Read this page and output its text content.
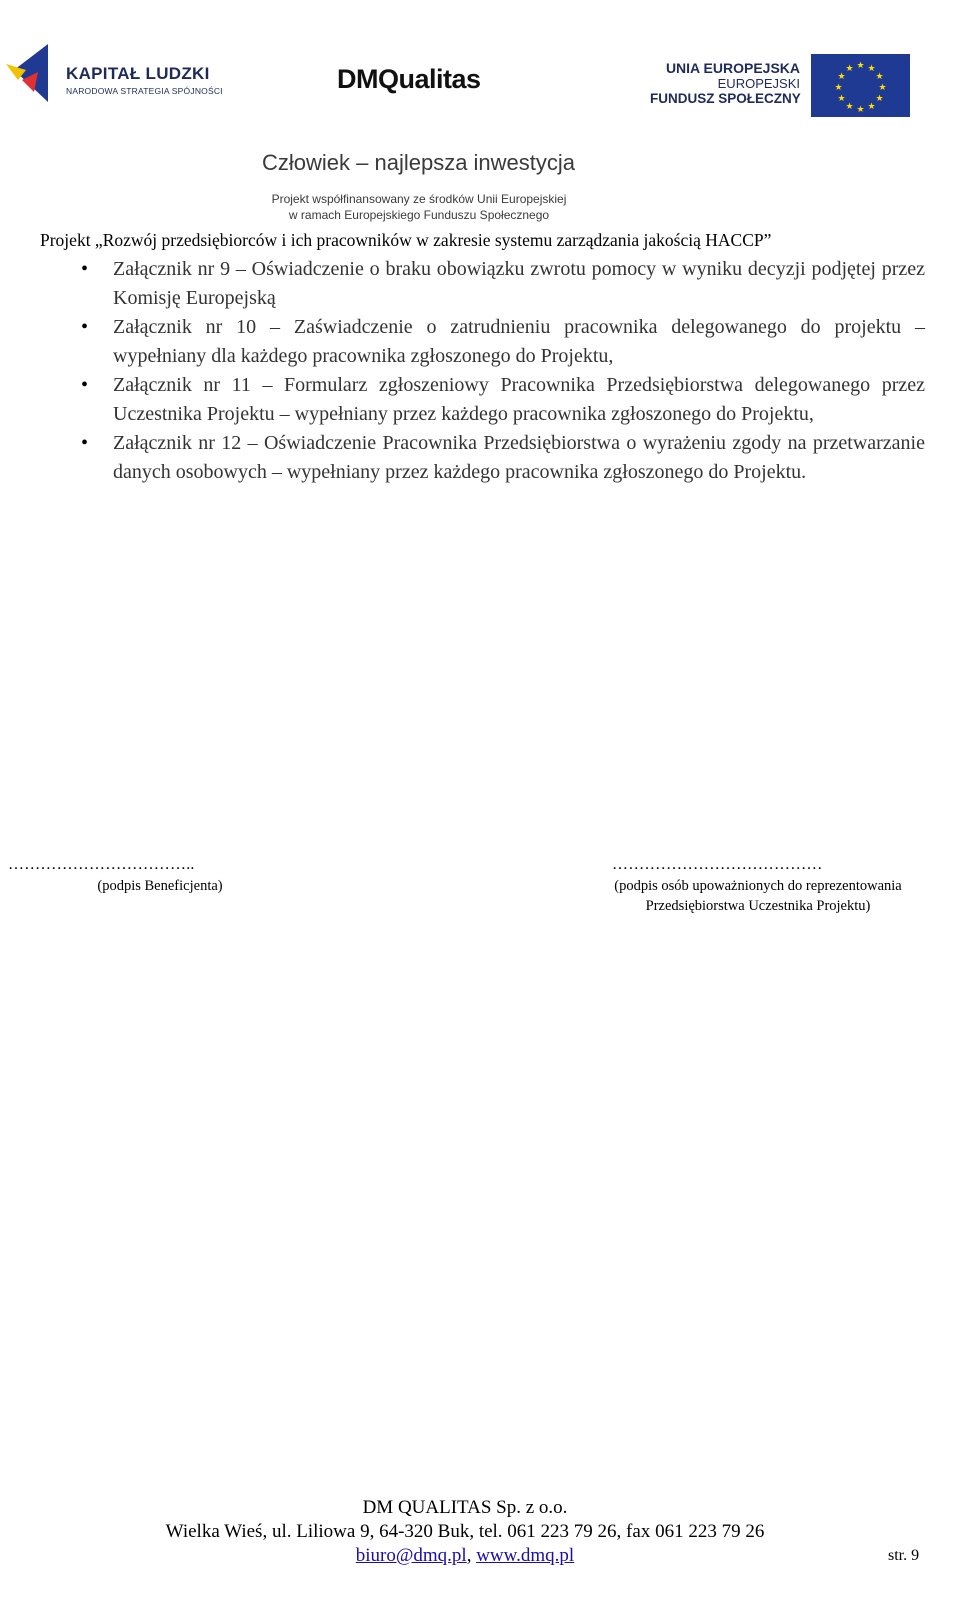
KAPITAŁ LUDZKI
NARODOWA STRATEGIA SPÓJNOŚCI	DMQualitas	UNIA EUROPEJSKA
EUROPEJSKI
FUNDUSZ SPOŁECZNY
★ ★
★
★
★
★
★
★
★
★
★
★
Człowiek – najlepsza inwestycja
Projekt współfinansowany ze środków Unii Europejskiej
w ramach Europejskiego Funduszu Społecznego
Projekt „Rozwój przedsiębiorców i ich pracowników w zakresie systemu zarządzania jakością HACCP”
• Załącznik nr 9 – Oświadczenie o braku obowiązku zwrotu pomocy w wyniku decyzji podjętej przez Komisję Europejską
• Załącznik nr 10 – Zaświadczenie o zatrudnieniu pracownika delegowanego do projektu – wypełniany dla każdego pracownika zgłoszonego do Projektu,
• Załącznik nr 11 – Formularz zgłoszeniowy Pracownika Przedsiębiorstwa delegowanego przez Uczestnika Projektu – wypełniany przez każdego pracownika zgłoszonego do Projektu,
• Załącznik nr 12 – Oświadczenie Pracownika Przedsiębiorstwa o wyrażeniu zgody na przetwarzanie danych osobowych – wypełniany przez każdego pracownika zgłoszonego do Projektu.
……………………………..
(podpis Beneficjenta)
…………………………………
(podpis osób upoważnionych do reprezentowania
Przedsiębiorstwa Uczestnika Projektu)
DM QUALITAS Sp. z o.o.
Wielka Wieś, ul. Liliowa 9, 64-320 Buk, tel. 061 223 79 26, fax 061 223 79 26
biuro@dmq.pl, www.dmq.pl	str. 9
